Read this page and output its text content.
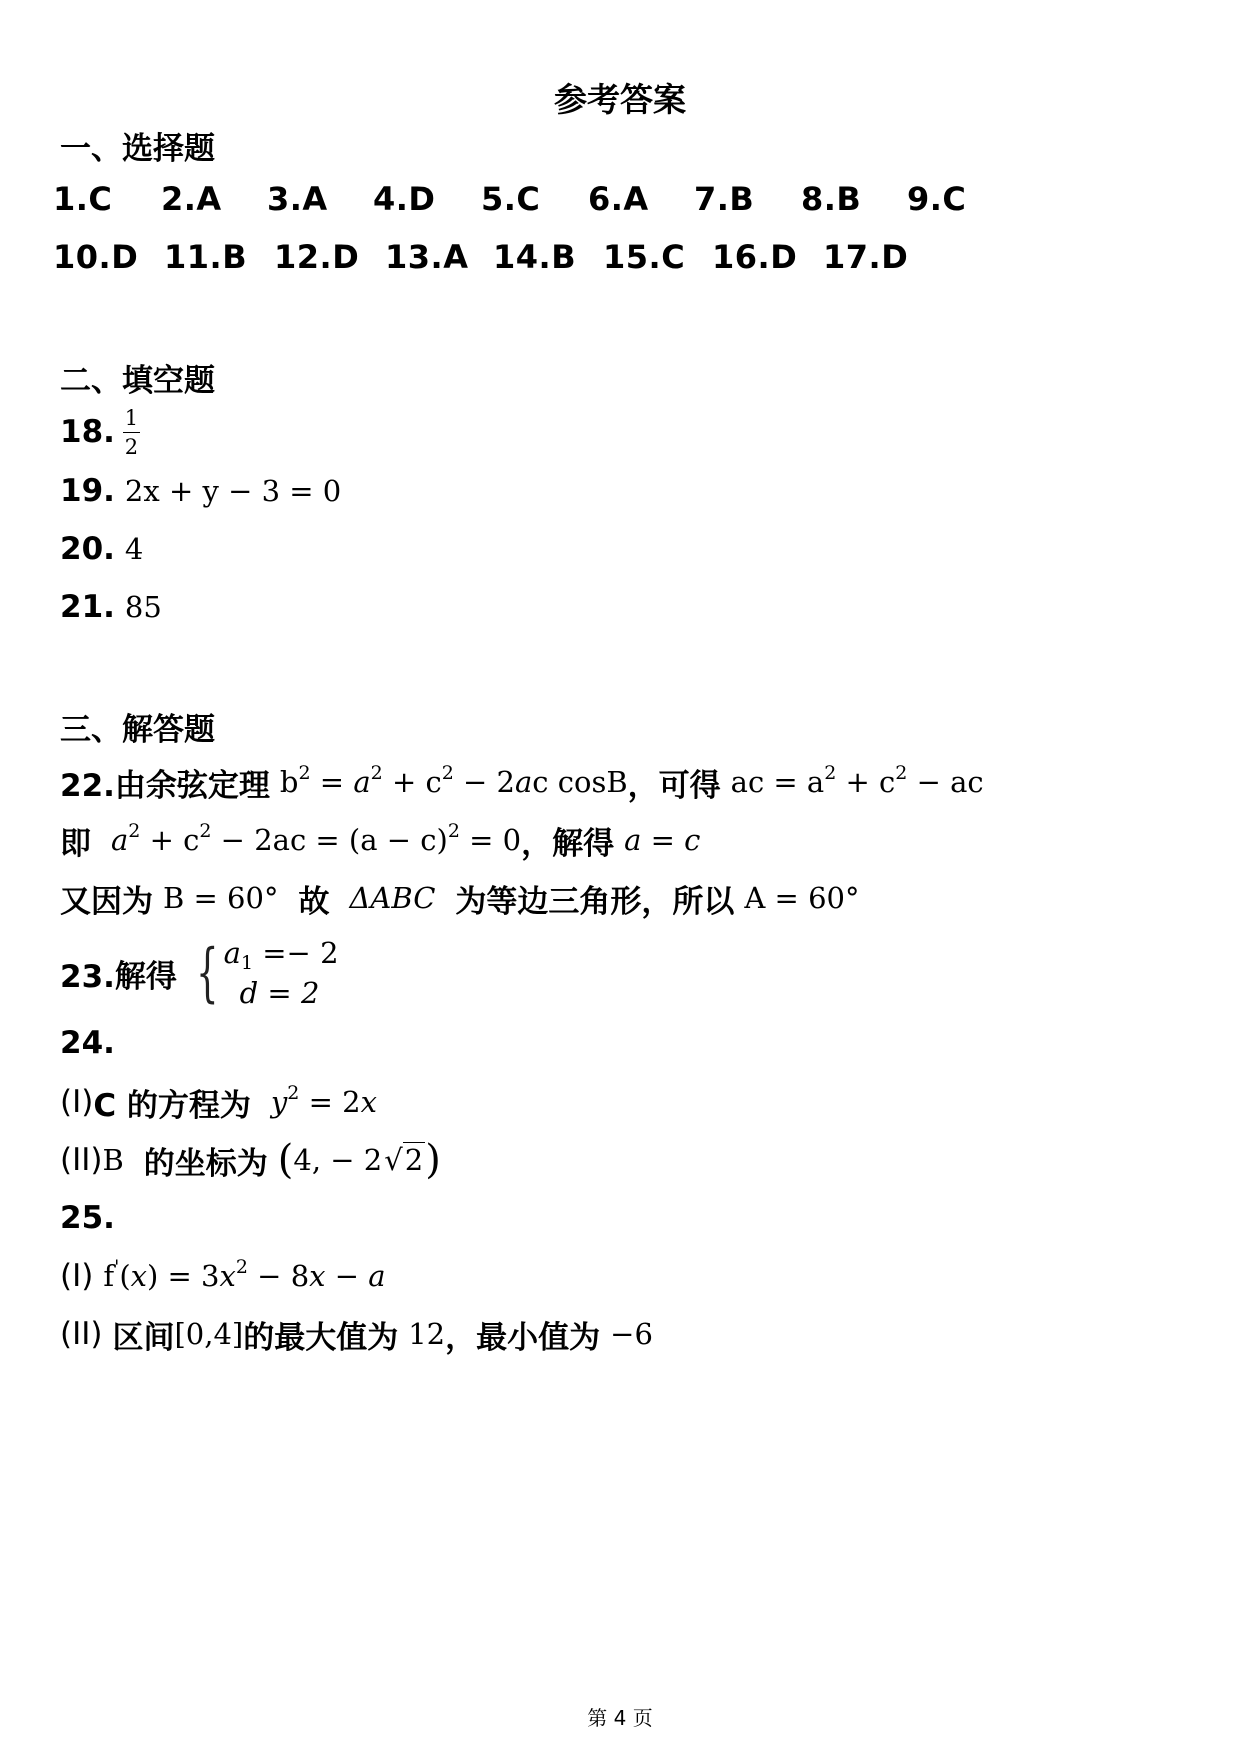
参考答案
一、选择题
1.C 2.A 3.A 4.D 5.C 6.A 7.B 8.B 9.C
10.D 11.B 12.D 13.A 14.B 15.C 16.D 17.D
二、填空题
18. $\frac{1}{2}$
19. 2x + y − 3 = 0
20. 4
21. 85
三、解答题
22.由余弦定理 $b^2 = a^2 + c^2 - 2ac$ cosB ，可得 ac = $a^2 + c^2$ − ac
即 $a^2 + c^2 - 2ac = (a - c)^2 = 0$ ，解得 a = c
又因为 B = 60° 故 ΔABC 为等边三角形，所以 A = 60°
23.解得 { $a_1 =- 2$
d = 2
24.
(I) C 的方程为 $y^2 = 2x$
(II) B 的坐标为 (4, − 2√2)
25.
(I) $f'(x) = 3x^2 - 8x - a$
(II) 区间 [0,4] 的最大值为 12 ，最小值为 −6
第 4 页
